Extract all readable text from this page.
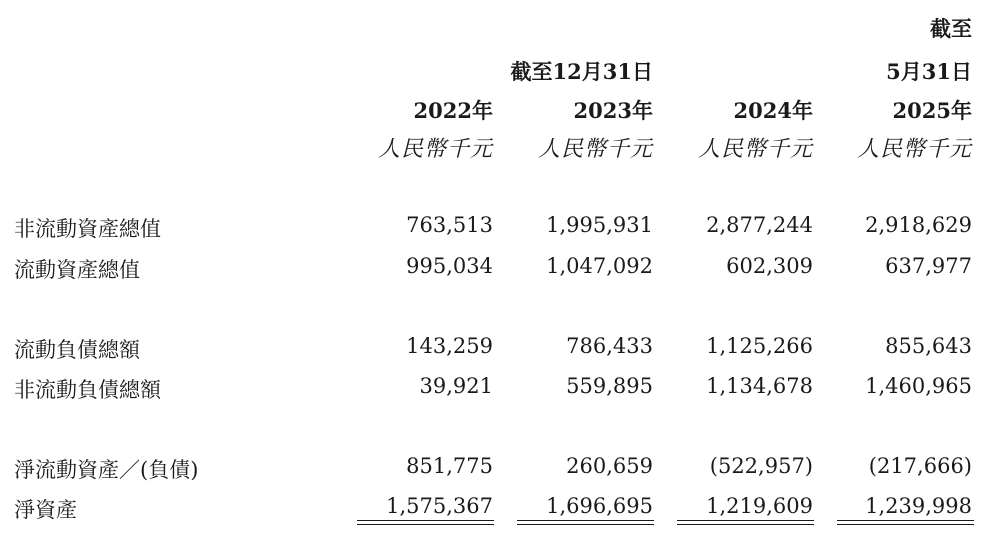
截至
截至12月31日	5月31日
2022年	2023年	2024年	2025年
人民幣千元 人民幣千元 人民幣千元 人民幣千元
非流動資產總值	763,513	1,995,931	2,877,244 2,918,629
流動資產總值	995,034	1,047,092	602,309	637,977
流動負債總額	143,259	786,433	1,125,266	855,643
非流動負債總額	39,921	559,895	1,134,678 1,460,965
淨流動資產／(負債)	851,775	260,659	(522,957)	(217,666)
淨資產	1,575,367	1,696,695	1,219,609 1,239,998
